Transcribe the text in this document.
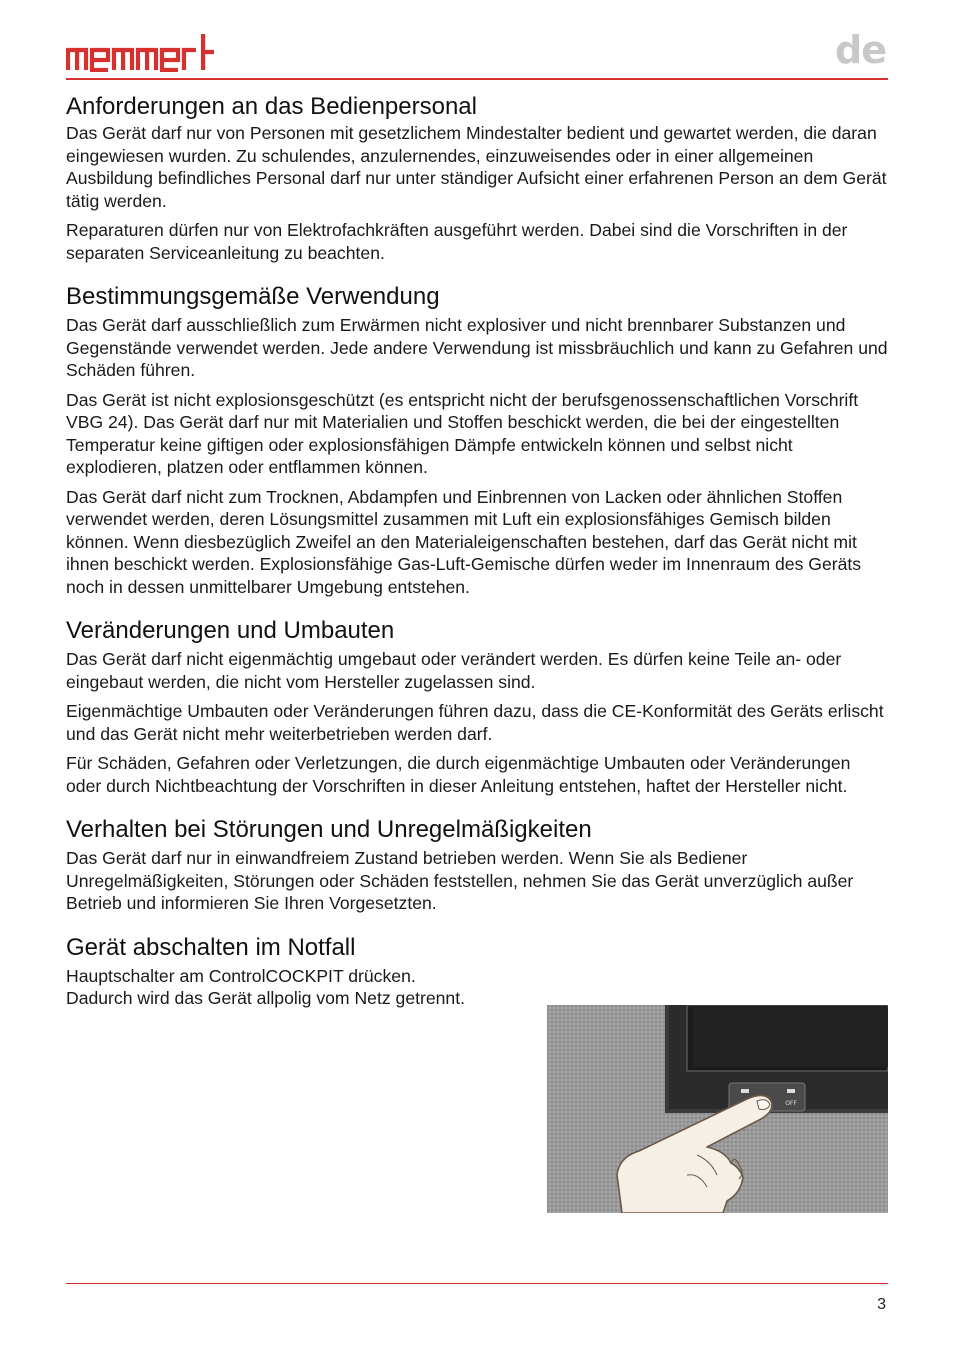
de
Anforderungen an das Bedienpersonal

Das Gerät darf nur von Personen mit gesetzlichem Mindestalter bedient und gewartet werden, die daran eingewiesen wurden. Zu schulendes, anzulernendes, einzuweisendes oder in einer allgemeinen Ausbildung befindliches Personal darf nur unter ständiger Aufsicht einer erfahrenen Person an dem Gerät tätig werden.

Reparaturen dürfen nur von Elektrofachkräften ausgeführt werden. Dabei sind die Vorschriften in der separaten Serviceanleitung zu beachten.

Bestimmungsgemäße Verwendung

Das Gerät darf ausschließlich zum Erwärmen nicht explosiver und nicht brennbarer Substanzen und Gegenstände verwendet werden. Jede andere Verwendung ist missbräuchlich und kann zu Gefahren und Schäden führen.

Das Gerät ist nicht explosionsgeschützt (es entspricht nicht der berufsgenossenschaftlichen Vorschrift VBG 24). Das Gerät darf nur mit Materialien und Stoffen beschickt werden, die bei der eingestellten Temperatur keine giftigen oder explosionsfähigen Dämpfe entwickeln können und selbst nicht explodieren, platzen oder entflammen können.

Das Gerät darf nicht zum Trocknen, Abdampfen und Einbrennen von Lacken oder ähnlichen Stoffen verwendet werden, deren Lösungsmittel zusammen mit Luft ein explosionsfähiges Gemisch bilden können. Wenn diesbezüglich Zweifel an den Materialeigenschaften bestehen, darf das Gerät nicht mit ihnen beschickt werden. Explosionsfähige Gas-Luft-Gemische dürfen weder im Innenraum des Geräts noch in dessen unmittelbarer Umgebung entstehen.

Veränderungen und Umbauten

Das Gerät darf nicht eigenmächtig umgebaut oder verändert werden. Es dürfen keine Teile an- oder eingebaut werden, die nicht vom Hersteller zugelassen sind.

Eigenmächtige Umbauten oder Veränderungen führen dazu, dass die CE-Konformität des Geräts erlischt und das Gerät nicht mehr weiterbetrieben werden darf.

Für Schäden, Gefahren oder Verletzungen, die durch eigenmächtige Umbauten oder Veränderungen oder durch Nichtbeachtung der Vorschriften in dieser Anleitung entstehen, haftet der Hersteller nicht.

Verhalten bei Störungen und Unregelmäßigkeiten

Das Gerät darf nur in einwandfreiem Zustand betrieben werden. Wenn Sie als Bediener Unregelmäßigkeiten, Störungen oder Schäden feststellen, nehmen Sie das Gerät unverzüglich außer Betrieb und informieren Sie Ihren Vorgesetzten.

Gerät abschalten im Notfall

Hauptschalter am ControlCOCKPIT drücken.
Dadurch wird das Gerät allpolig vom Netz getrennt.

OFF
3
